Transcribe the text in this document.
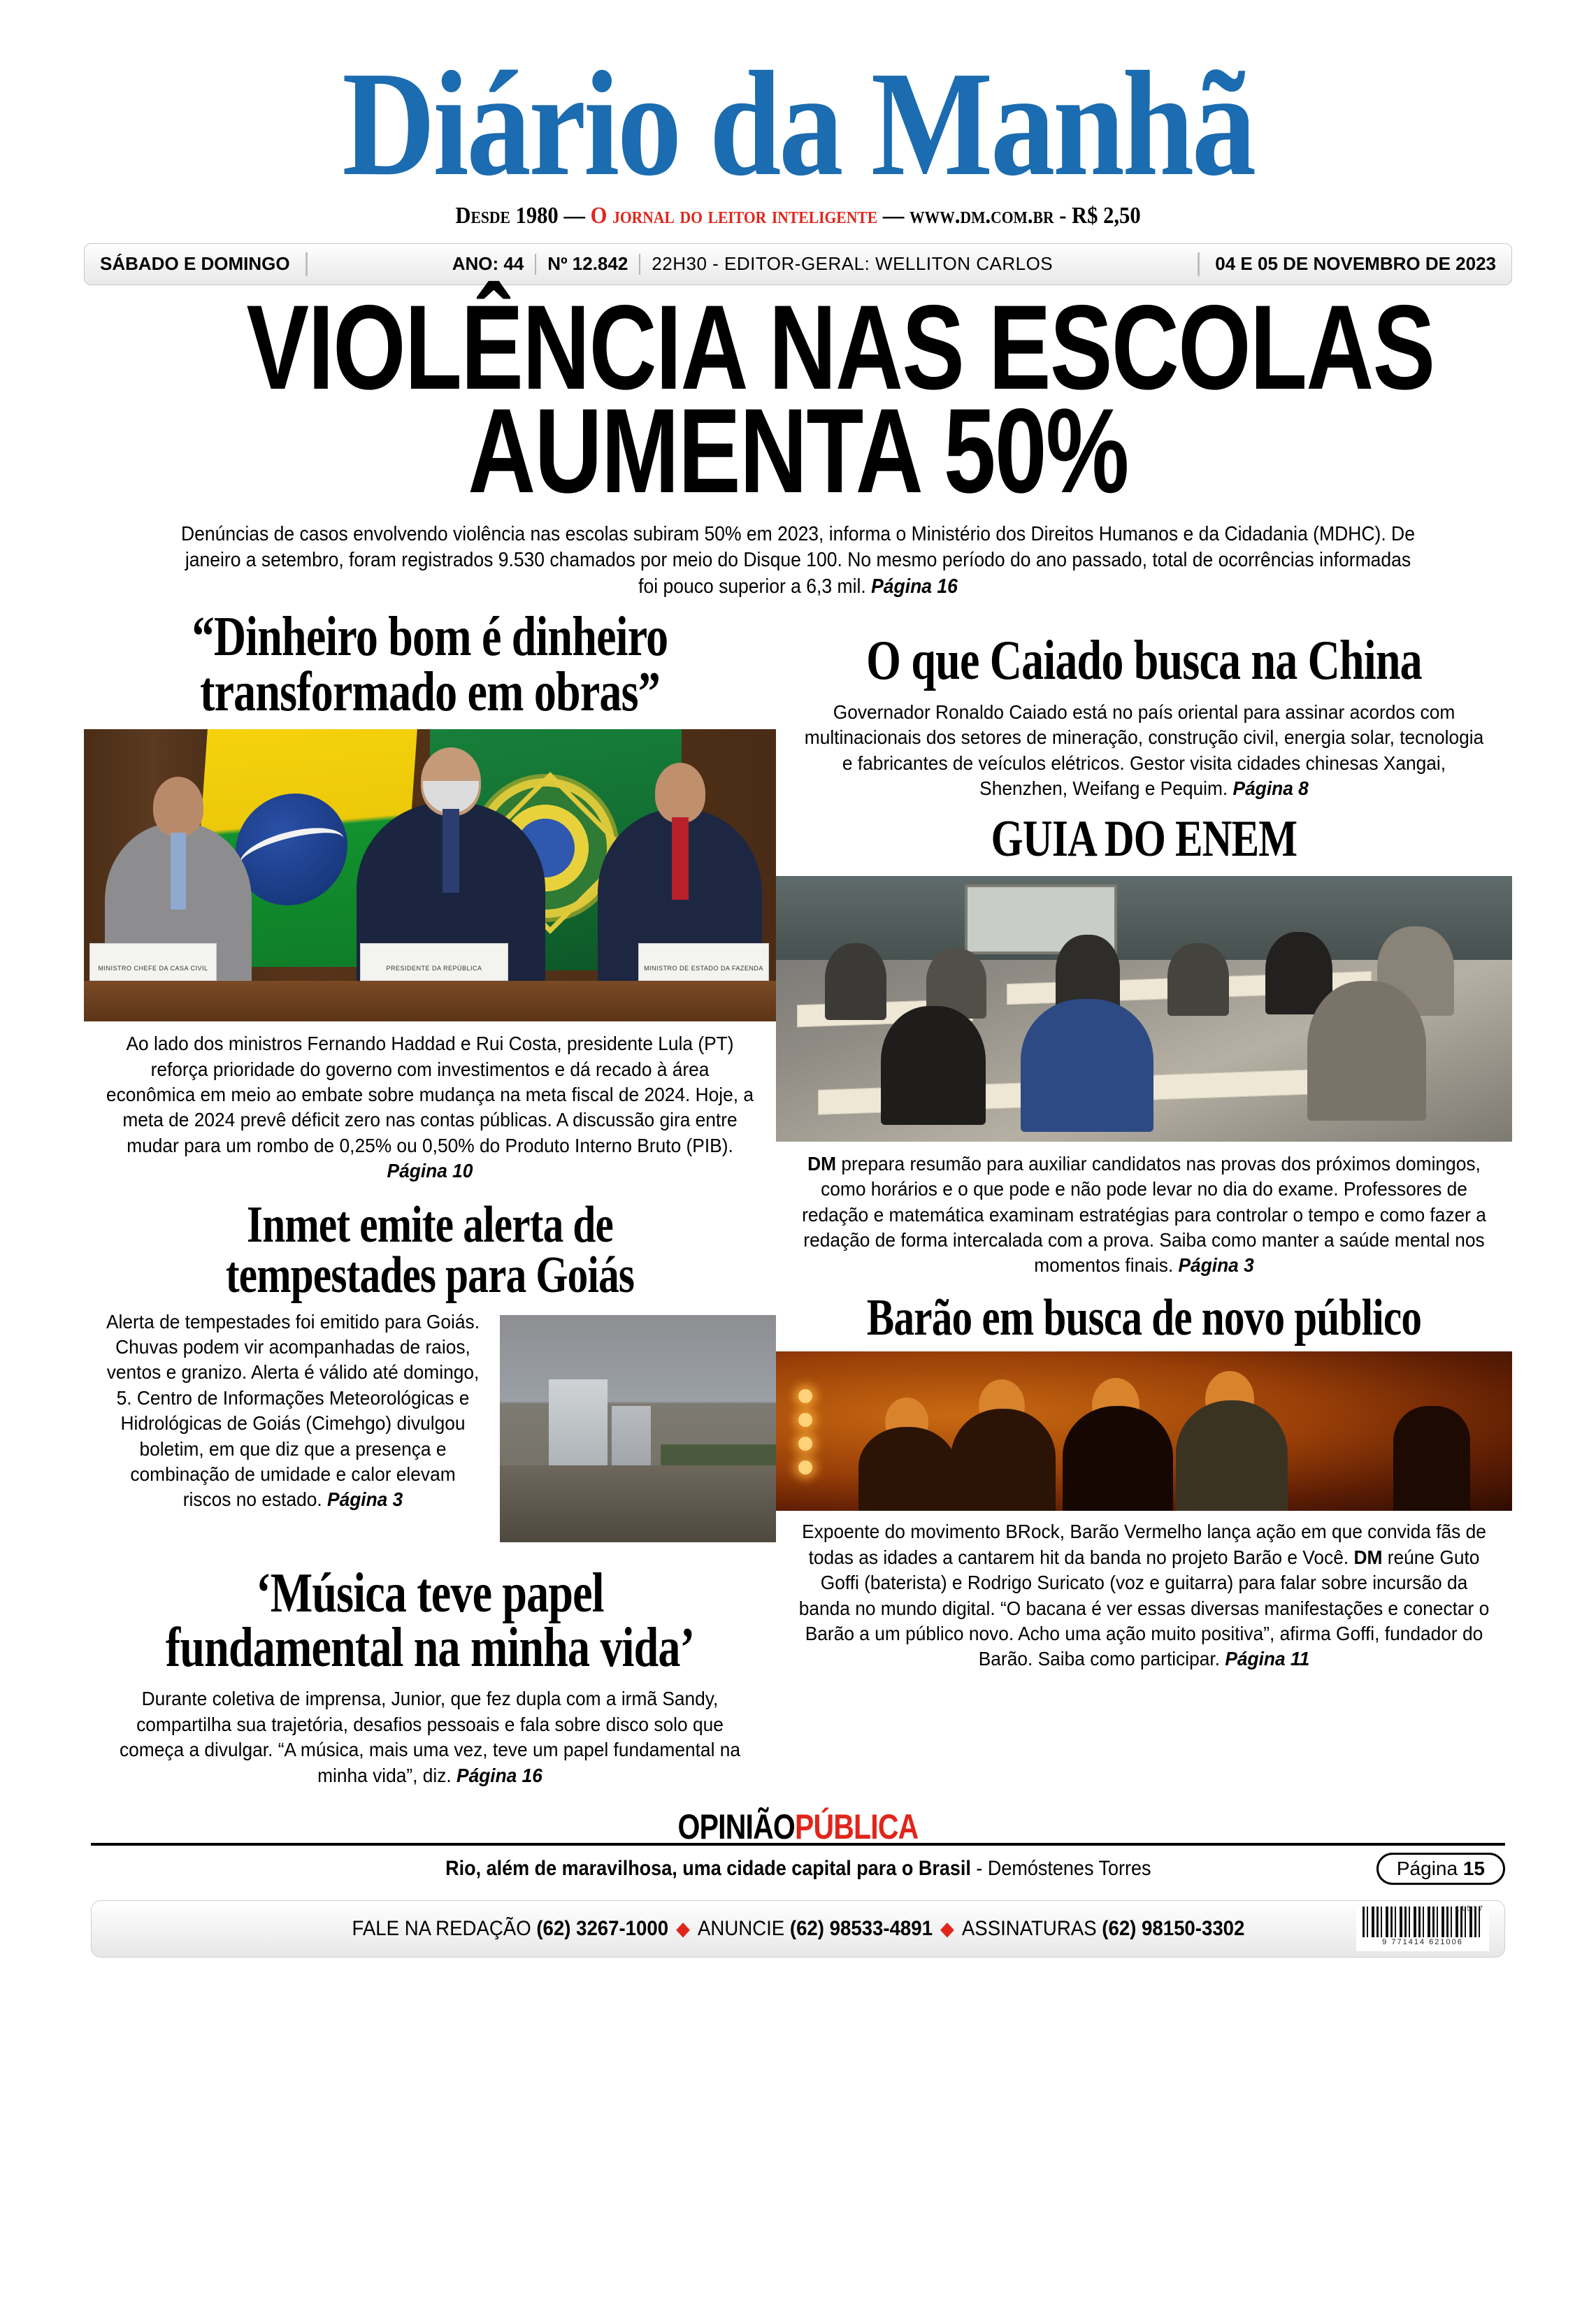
Diário da Manhã
Desde 1980 — O jornal do leitor inteligente — www.dm.com.br - R$ 2,50
SÁBADO E DOMINGO	ANO: 44	Nº 12.842	22H30 - EDITOR-GERAL: WELLITON CARLOS	04 E 05 DE NOVEMBRO DE 2023
VIOLÊNCIA NAS ESCOLAS
AUMENTA 50%
Denúncias de casos envolvendo violência nas escolas subiram 50% em 2023, informa o Ministério dos Direitos Humanos e da Cidadania (MDHC). De janeiro a setembro, foram registrados 9.530 chamados por meio do Disque 100. No mesmo período do ano passado, total de ocorrências informadas foi pouco superior a 6,3 mil. Página 16
“Dinheiro bom é dinheiro transformado em obras”
MINISTRO CHEFE DA CASA CIVIL	PRESIDENTE DA REPÚBLICA	MINISTRO DE ESTADO DA FAZENDA
Ao lado dos ministros Fernando Haddad e Rui Costa, presidente Lula (PT) reforça prioridade do governo com investimentos e dá recado à área econômica em meio ao embate sobre mudança na meta fiscal de 2024. Hoje, a meta de 2024 prevê déficit zero nas contas públicas. A discussão gira entre mudar para um rombo de 0,25% ou 0,50% do Produto Interno Bruto (PIB). Página 10
Inmet emite alerta de tempestades para Goiás
Alerta de tempestades foi emitido para Goiás. Chuvas podem vir acompanhadas de raios, ventos e granizo. Alerta é válido até domingo, 5. Centro de Informações Meteorológicas e Hidrológicas de Goiás (Cimehgo) divulgou boletim, em que diz que a presença e combinação de umidade e calor elevam riscos no estado. Página 3
‘Música teve papel fundamental na minha vida’
Durante coletiva de imprensa, Junior, que fez dupla com a irmã Sandy, compartilha sua trajetória, desafios pessoais e fala sobre disco solo que começa a divulgar. “A música, mais uma vez, teve um papel fundamental na minha vida”, diz. Página 16
O que Caiado busca na China
Governador Ronaldo Caiado está no país oriental para assinar acordos com multinacionais dos setores de mineração, construção civil, energia solar, tecnologia e fabricantes de veículos elétricos. Gestor visita cidades chinesas Xangai, Shenzhen, Weifang e Pequim. Página 8
GUIA DO ENEM
DM prepara resumão para auxiliar candidatos nas provas dos próximos domingos, como horários e o que pode e não pode levar no dia do exame. Professores de redação e matemática examinam estratégias para controlar o tempo e como fazer a redação de forma intercalada com a prova. Saiba como manter a saúde mental nos momentos finais. Página 3
Barão em busca de novo público
Expoente do movimento BRock, Barão Vermelho lança ação em que convida fãs de todas as idades a cantarem hit da banda no projeto Barão e Você. DM reúne Guto Goffi (baterista) e Rodrigo Suricato (voz e guitarra) para falar sobre incursão da banda no mundo digital. “O bacana é ver essas diversas manifestações e conectar o Barão a um público novo. Acho uma ação muito positiva”, afirma Goffi, fundador do Barão. Saiba como participar. Página 11
OPINIÃOPÚBLICA
Rio, além de maravilhosa, uma cidade capital para o Brasil - Demóstenes Torres	Página 15
FALE NA REDAÇÃO (62) 3267-1000 ◆ ANUNCIE (62) 98533-4891 ◆ ASSINATURAS (62) 98150-3302
11517
9 771414 621006
